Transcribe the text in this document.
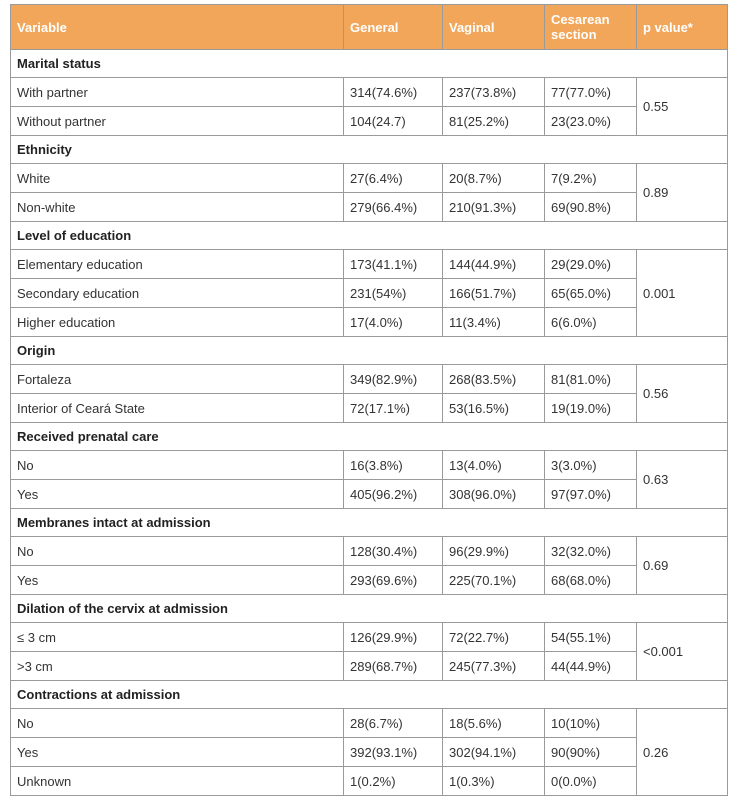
Variable	General	Vaginal	Cesarean section	p value*
Marital status				
With partner	314(74.6%)	237(73.8%)	77(77.0%)	0.55
Without partner	104(24.7)	81(25.2%)	23(23.0%)	
Ethnicity				
White	27(6.4%)	20(8.7%)	7(9.2%)	0.89
Non-white	279(66.4%)	210(91.3%)	69(90.8%)	
Level of education				
Elementary education	173(41.1%)	144(44.9%)	29(29.0%)	0.001
Secondary education	231(54%)	166(51.7%)	65(65.0%)	
Higher education	17(4.0%)	11(3.4%)	6(6.0%)	
Origin				
Fortaleza	349(82.9%)	268(83.5%)	81(81.0%)	0.56
Interior of Ceará State	72(17.1%)	53(16.5%)	19(19.0%)	
Received prenatal care				
No	16(3.8%)	13(4.0%)	3(3.0%)	0.63
Yes	405(96.2%)	308(96.0%)	97(97.0%)	
Membranes intact at admission				
No	128(30.4%)	96(29.9%)	32(32.0%)	0.69
Yes	293(69.6%)	225(70.1%)	68(68.0%)	
Dilation of the cervix at admission				
≤ 3 cm	126(29.9%)	72(22.7%)	54(55.1%)	<0.001
>3 cm	289(68.7%)	245(77.3%)	44(44.9%)	
Contractions at admission				
No	28(6.7%)	18(5.6%)	10(10%)	0.26
Yes	392(93.1%)	302(94.1%)	90(90%)	
Unknown	1(0.2%)	1(0.3%)	0(0.0%)	
